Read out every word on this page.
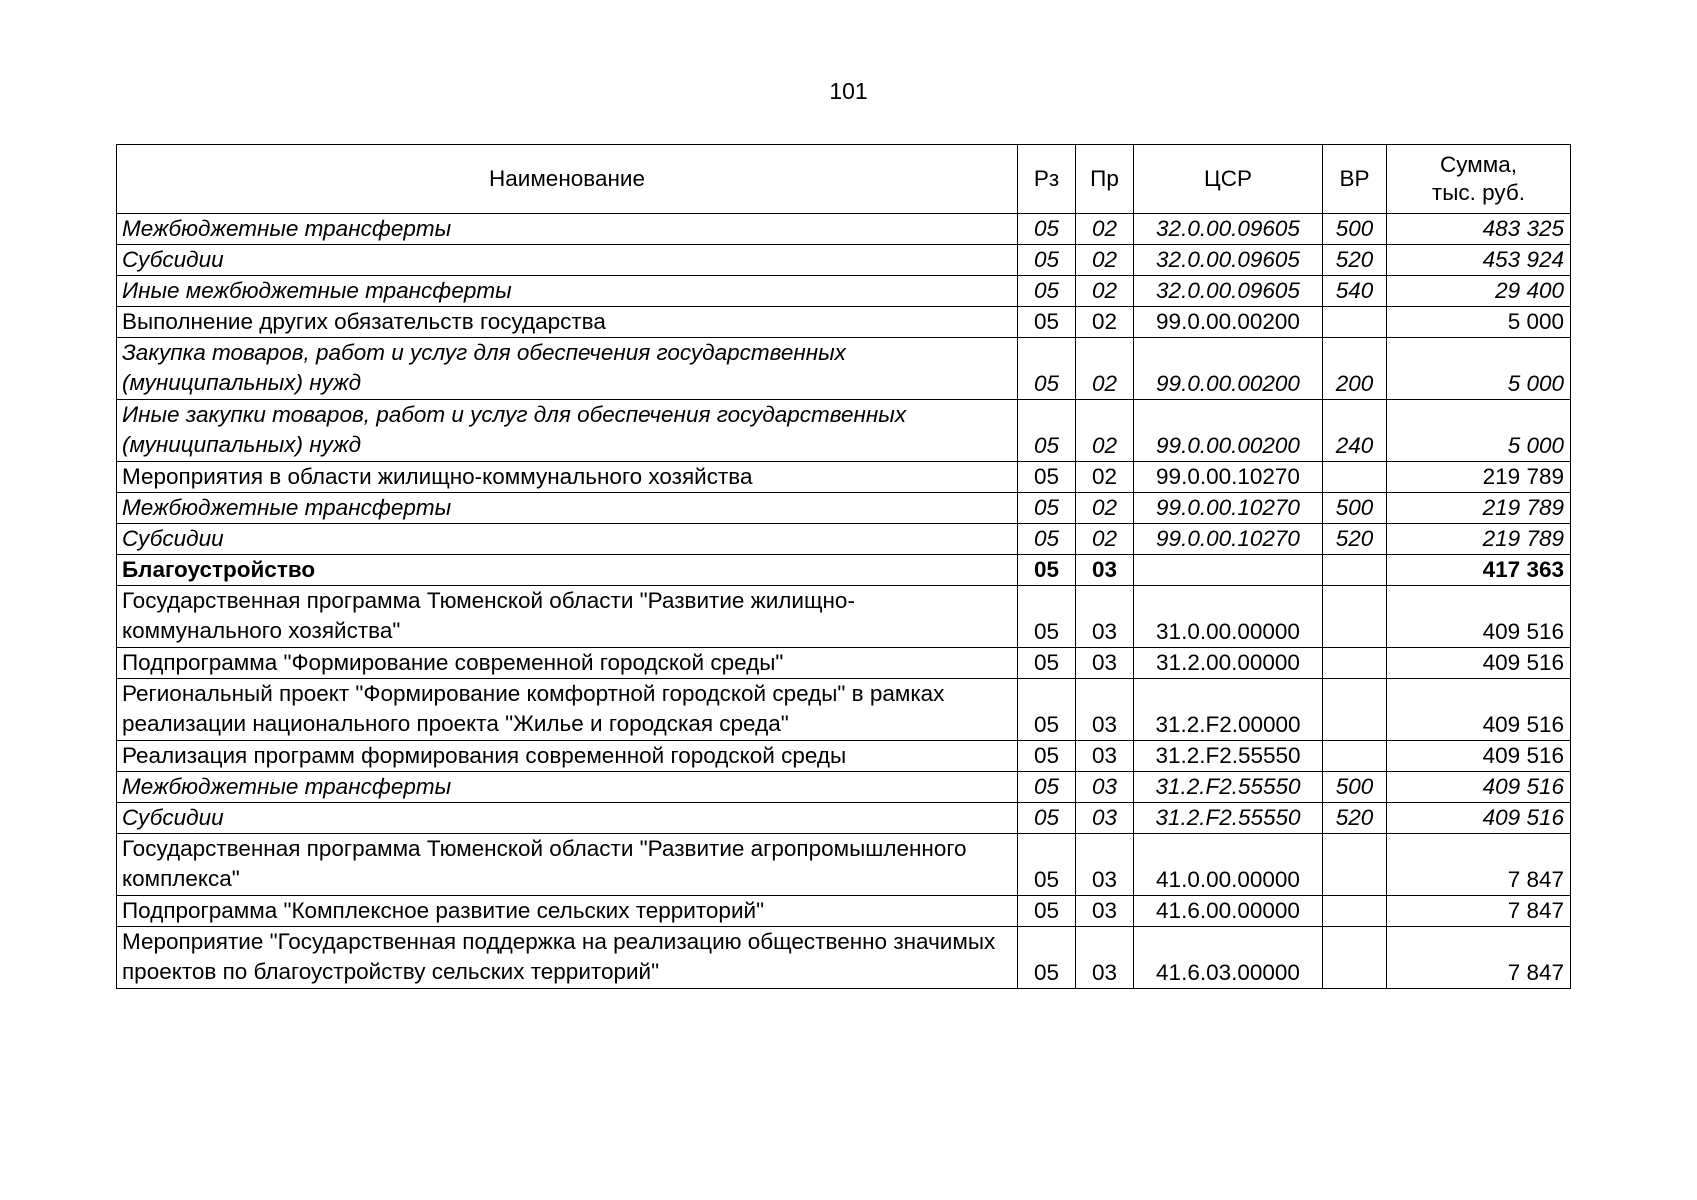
101
Наименование	Рз	Пр	ЦСР	ВР	Сумма,
тыс. руб.
Межбюджетные трансферты	05	02	32.0.00.09605	500	483 325
Субсидии	05	02	32.0.00.09605	520	453 924
Иные межбюджетные трансферты	05	02	32.0.00.09605	540	29 400
Выполнение других обязательств государства	05	02	99.0.00.00200		5 000
Закупка товаров, работ и услуг для обеспечения государственных (муниципальных) нужд	05	02	99.0.00.00200	200	5 000
Иные закупки товаров, работ и услуг для обеспечения государственных (муниципальных) нужд	05	02	99.0.00.00200	240	5 000
Мероприятия в области жилищно-коммунального хозяйства	05	02	99.0.00.10270		219 789
Межбюджетные трансферты	05	02	99.0.00.10270	500	219 789
Субсидии	05	02	99.0.00.10270	520	219 789
Благоустройство	05	03			417 363
Государственная программа Тюменской области "Развитие жилищно-коммунального хозяйства"	05	03	31.0.00.00000		409 516
Подпрограмма "Формирование современной городской среды"	05	03	31.2.00.00000		409 516
Региональный проект "Формирование комфортной городской среды" в рамках реализации национального проекта "Жилье и городская среда"	05	03	31.2.F2.00000		409 516
Реализация программ формирования современной городской среды	05	03	31.2.F2.55550		409 516
Межбюджетные трансферты	05	03	31.2.F2.55550	500	409 516
Субсидии	05	03	31.2.F2.55550	520	409 516
Государственная программа Тюменской области "Развитие агропромышленного комплекса"	05	03	41.0.00.00000		7 847
Подпрограмма "Комплексное развитие сельских территорий"	05	03	41.6.00.00000		7 847
Мероприятие "Государственная поддержка на реализацию общественно значимых проектов по благоустройству сельских территорий"	05	03	41.6.03.00000		7 847
